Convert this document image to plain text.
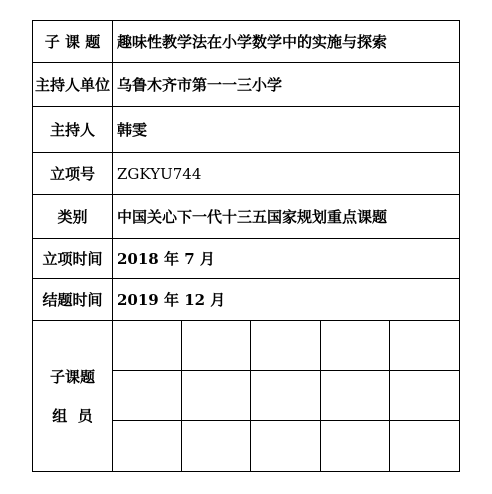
子 课 题	趣味性教学法在小学数学中的实施与探索
主持人单位 乌鲁木齐市第一一三小学
主持人	韩雯
立项号	ZGKYU744
类别	中国关心下一代十三五国家规划重点课题
立项时间 2018 年 7 月
结题时间 2019 年 12 月
子课题
组  员
